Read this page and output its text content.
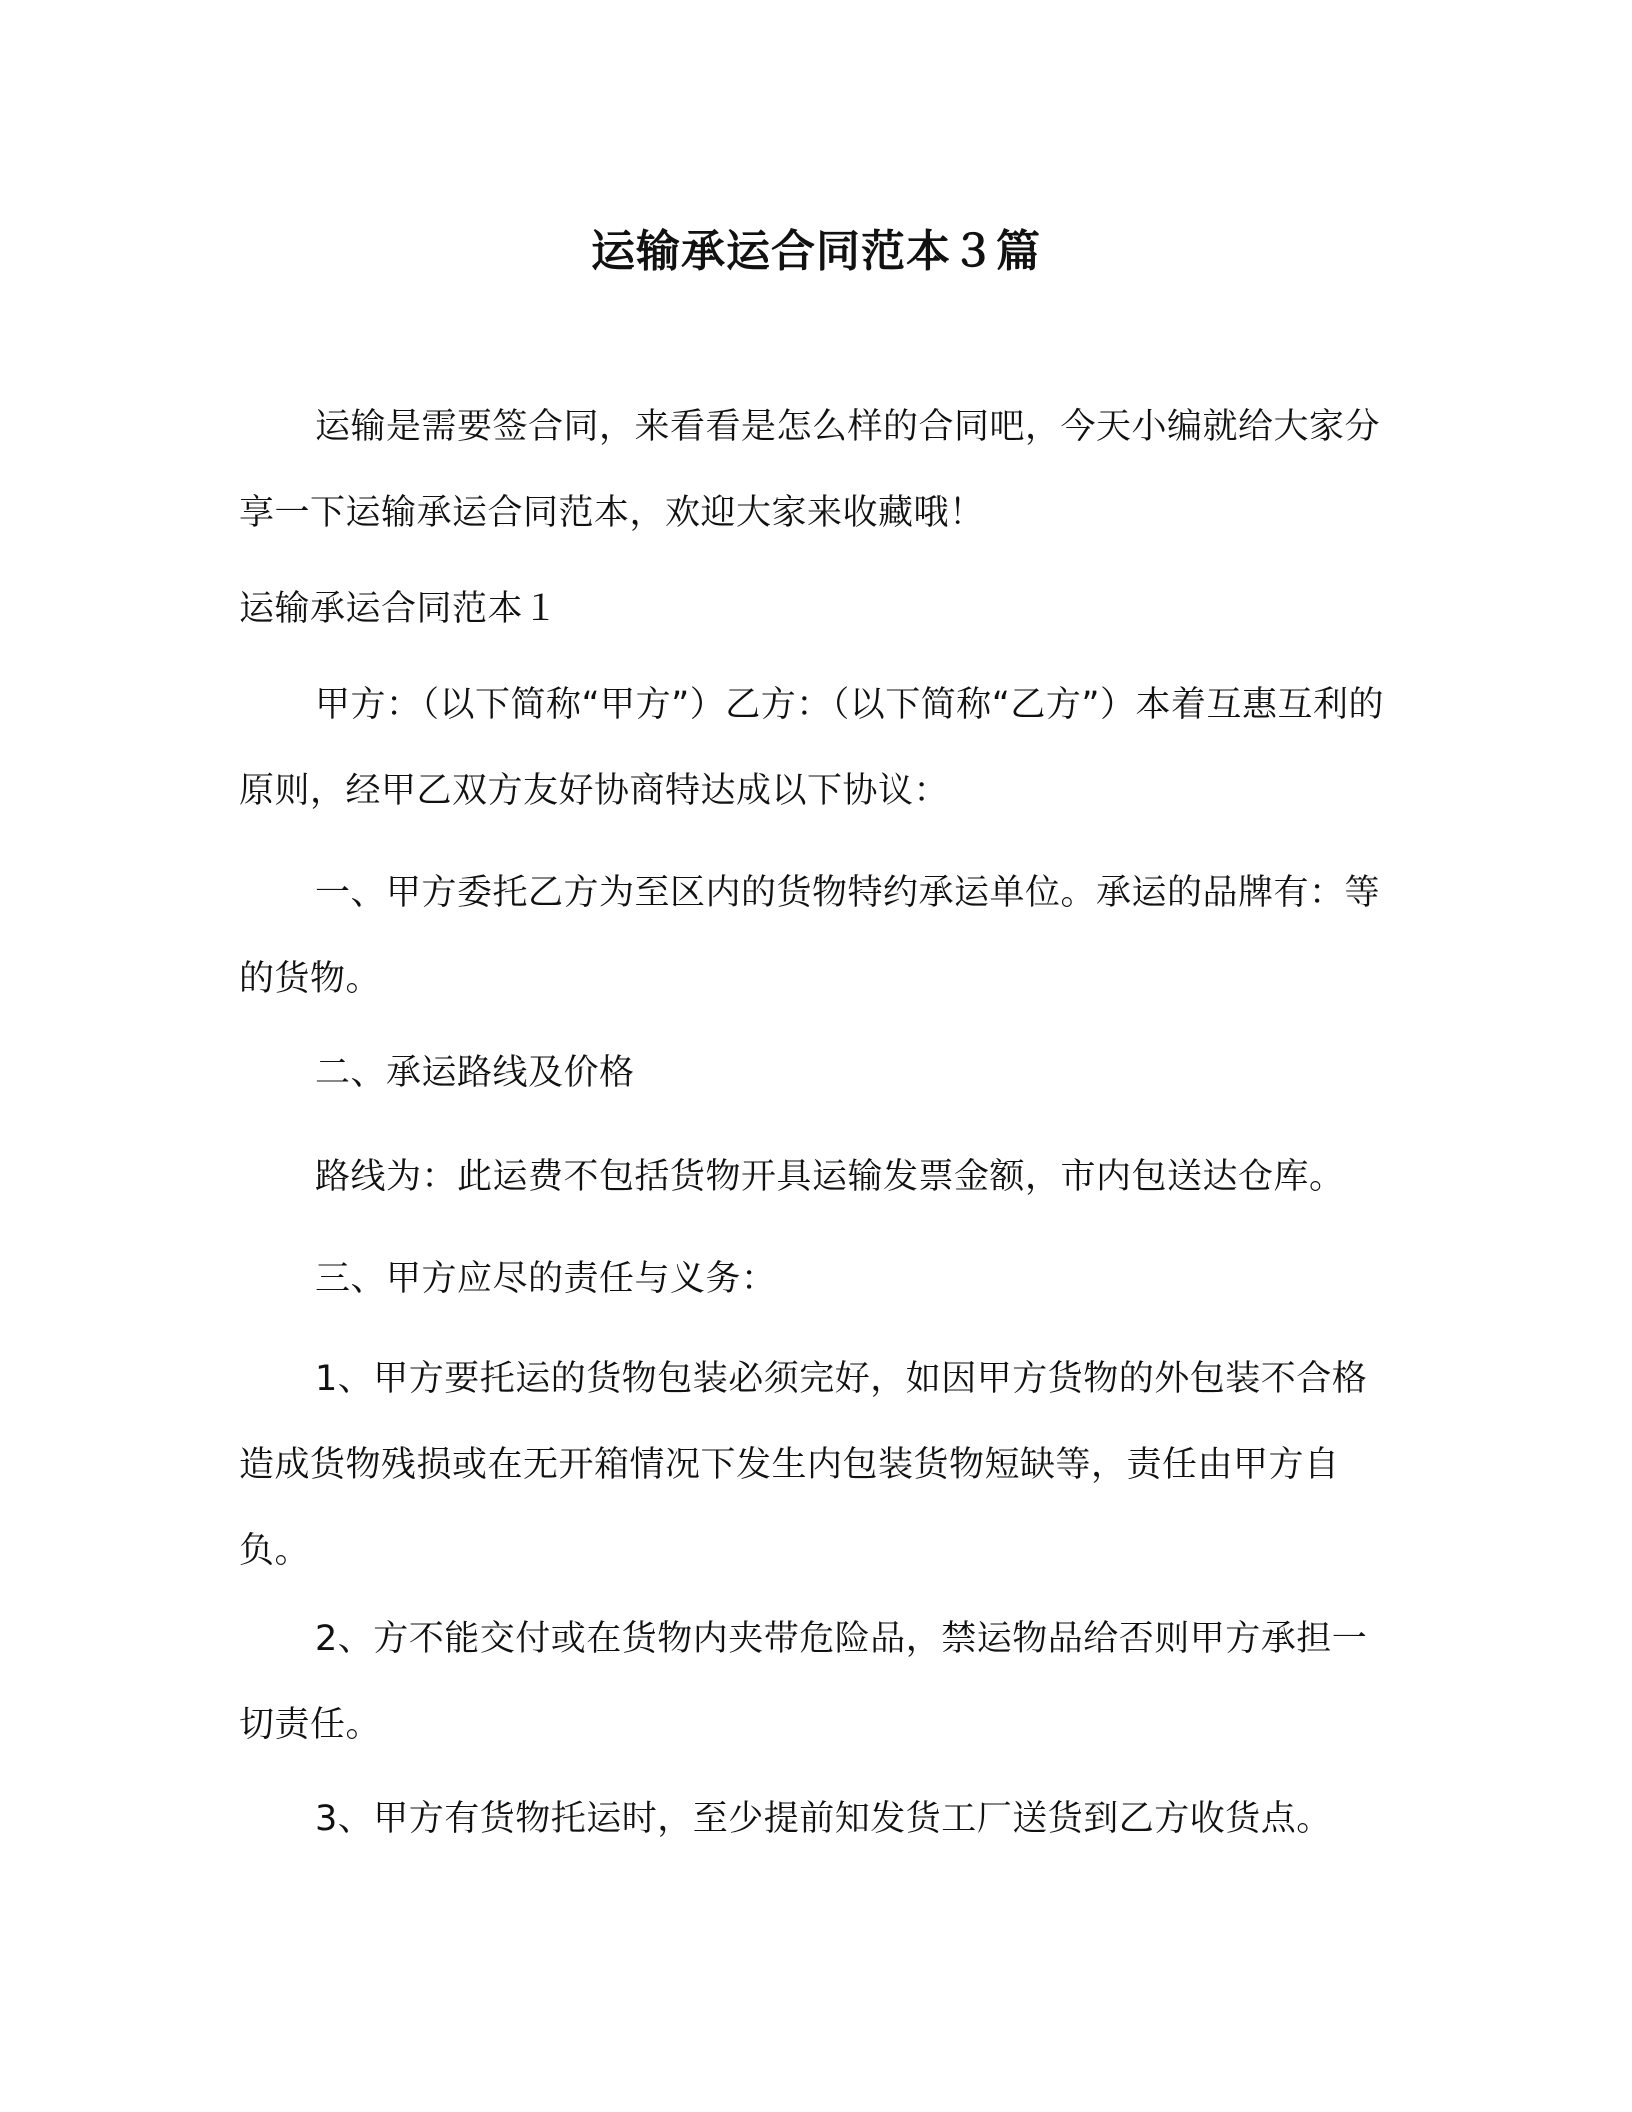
运输承运合同范本３篇
运输是需要签合同，来看看是怎么样的合同吧，今天小编就给大家分享一下运输承运合同范本，欢迎大家来收藏哦！
运输承运合同范本１
甲方：（以下简称“甲方”）乙方：（以下简称“乙方”）本着互惠互利的原则，经甲乙双方友好协商特达成以下协议：
一、甲方委托乙方为至区内的货物特约承运单位。承运的品牌有：等的货物。
二、承运路线及价格
路线为：此运费不包括货物开具运输发票金额，市内包送达仓库。
三、甲方应尽的责任与义务：
1、甲方要托运的货物包装必须完好，如因甲方货物的外包装不合格造成货物残损或在无开箱情况下发生内包装货物短缺等，责任由甲方自负。
2、方不能交付或在货物内夹带危险品，禁运物品给否则甲方承担一切责任。
3、甲方有货物托运时，至少提前知发货工厂送货到乙方收货点。
